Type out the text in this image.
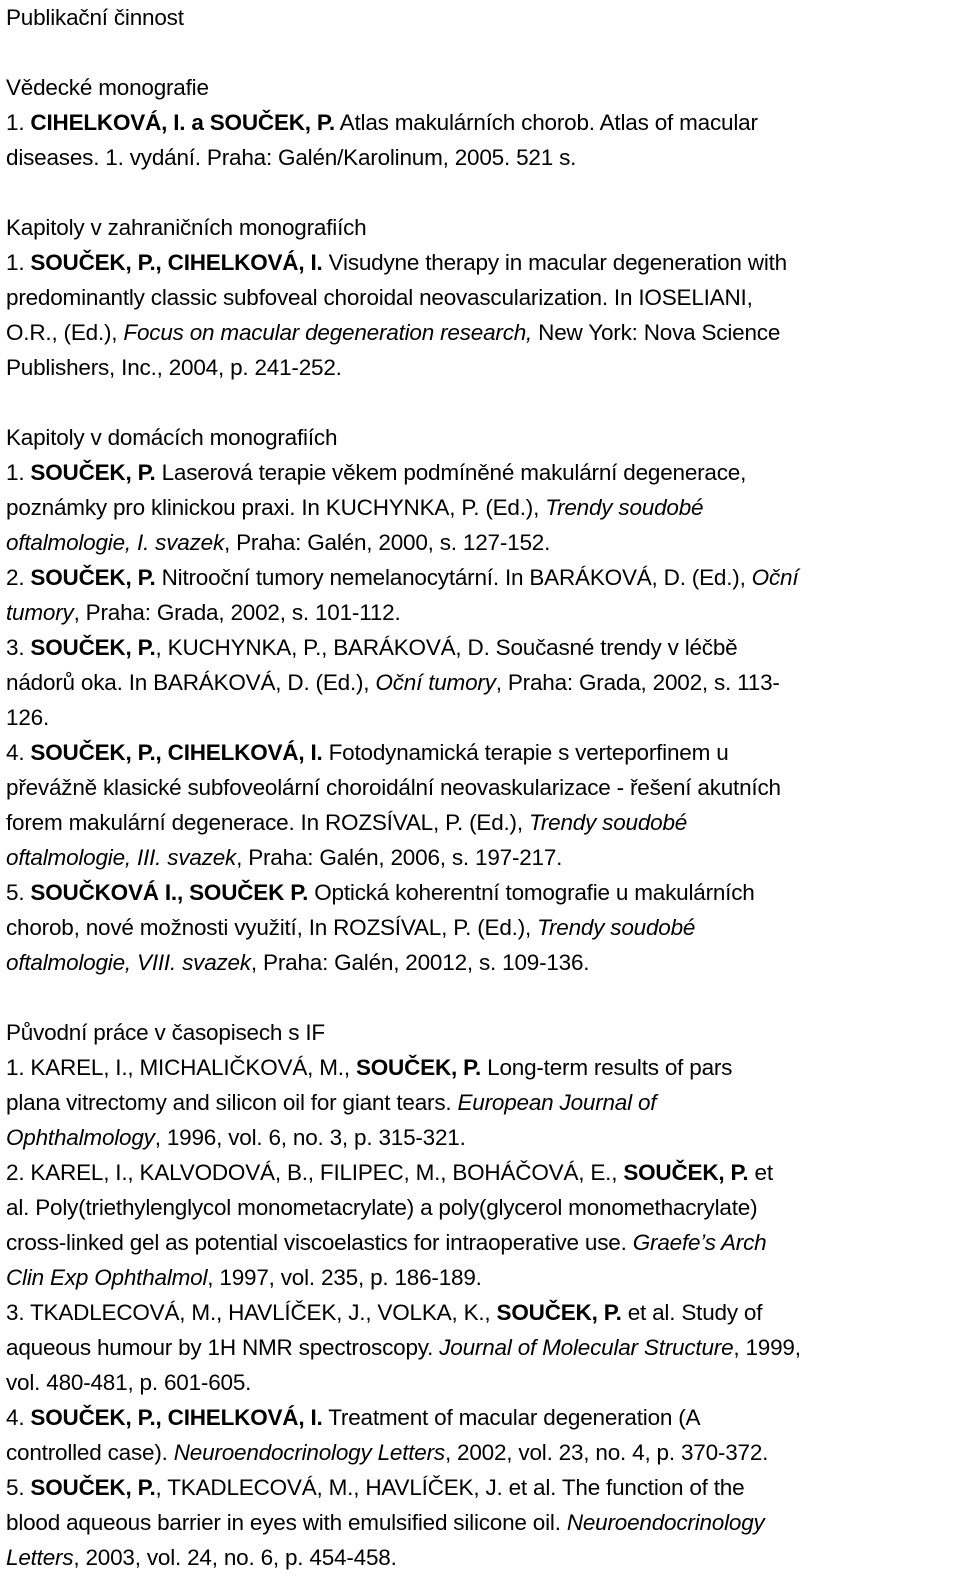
Publikační činnost
Vědecké monografie
1. CIHELKOVÁ, I. a SOUČEK, P. Atlas makulárních chorob. Atlas of macular
diseases. 1. vydání. Praha: Galén/Karolinum, 2005. 521 s.
Kapitoly v zahraničních monografiích
1. SOUČEK, P., CIHELKOVÁ, I. Visudyne therapy in macular degeneration with
predominantly classic subfoveal choroidal neovascularization. In IOSELIANI,
O.R., (Ed.), Focus on macular degeneration research, New York: Nova Science
Publishers, Inc., 2004, p. 241-252.
Kapitoly v domácích monografiích
1. SOUČEK, P. Laserová terapie věkem podmíněné makulární degenerace,
poznámky pro klinickou praxi. In KUCHYNKA, P. (Ed.), Trendy soudobé
oftalmologie, I. svazek, Praha: Galén, 2000, s. 127-152.
2. SOUČEK, P. Nitrooční tumory nemelanocytární. In BARÁKOVÁ, D. (Ed.), Oční
tumory, Praha: Grada, 2002, s. 101-112.
3. SOUČEK, P., KUCHYNKA, P., BARÁKOVÁ, D. Současné trendy v léčbě
nádorů oka. In BARÁKOVÁ, D. (Ed.), Oční tumory, Praha: Grada, 2002, s. 113-
126.
4. SOUČEK, P., CIHELKOVÁ, I. Fotodynamická terapie s verteporfinem u
převážně klasické subfoveolární choroidální neovaskularizace - řešení akutních
forem makulární degenerace. In ROZSÍVAL, P. (Ed.), Trendy soudobé
oftalmologie, III. svazek, Praha: Galén, 2006, s. 197-217.
5. SOUČKOVÁ I., SOUČEK P. Optická koherentní tomografie u makulárních
chorob, nové možnosti využití, In ROZSÍVAL, P. (Ed.), Trendy soudobé
oftalmologie, VIII. svazek, Praha: Galén, 20012, s. 109-136.
Původní práce v časopisech s IF
1. KAREL, I., MICHALIČKOVÁ, M., SOUČEK, P. Long-term results of pars
plana vitrectomy and silicon oil for giant tears. European Journal of
Ophthalmology, 1996, vol. 6, no. 3, p. 315-321.
2. KAREL, I., KALVODOVÁ, B., FILIPEC, M., BOHÁČOVÁ, E., SOUČEK, P. et
al. Poly(triethylenglycol monometacrylate) a poly(glycerol monomethacrylate)
cross-linked gel as potential viscoelastics for intraoperative use. Graefe’s Arch
Clin Exp Ophthalmol, 1997, vol. 235, p. 186-189.
3. TKADLECOVÁ, M., HAVLÍČEK, J., VOLKA, K., SOUČEK, P. et al. Study of
aqueous humour by 1H NMR spectroscopy. Journal of Molecular Structure, 1999,
vol. 480-481, p. 601-605.
4. SOUČEK, P., CIHELKOVÁ, I. Treatment of macular degeneration (A
controlled case). Neuroendocrinology Letters, 2002, vol. 23, no. 4, p. 370-372.
5. SOUČEK, P., TKADLECOVÁ, M., HAVLÍČEK, J. et al. The function of the
blood aqueous barrier in eyes with emulsified silicone oil. Neuroendocrinology
Letters, 2003, vol. 24, no. 6, p. 454-458.
